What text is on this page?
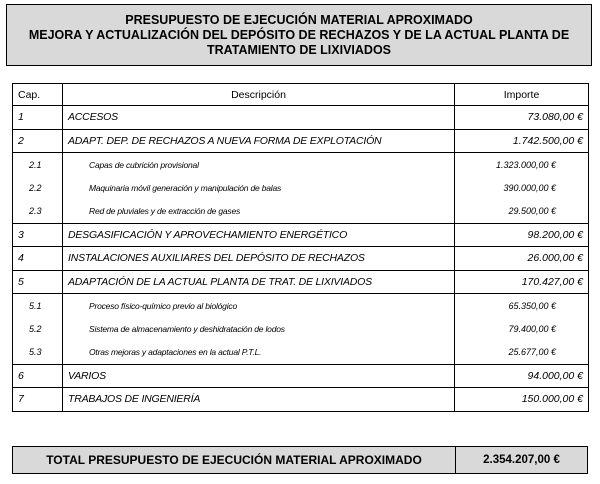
PRESUPUESTO DE EJECUCIÓN MATERIAL APROXIMADO
MEJORA Y ACTUALIZACIÓN DEL DEPÓSITO DE RECHAZOS Y DE LA ACTUAL PLANTA DE
TRATAMIENTO DE LIXIVIADOS
Cap.	Descripción	Importe
1	ACCESOS	73.080,00 €
2	ADAPT. DEP. DE RECHAZOS A NUEVA FORMA DE EXPLOTACIÓN	1.742.500,00 €
2.1	Capas de cubrición provisional	1.323.000,00 €
2.2	Maquinaria móvil generación y manipulación de balas	390.000,00 €
2.3	Red de pluviales y de extracción de gases	29.500,00 €
3	DESGASIFICACIÓN Y APROVECHAMIENTO ENERGÉTICO	98.200,00 €
4	INSTALACIONES AUXILIARES DEL DEPÓSITO DE RECHAZOS	26.000,00 €
5	ADAPTACIÓN DE LA ACTUAL PLANTA DE TRAT. DE LIXIVIADOS	170.427,00 €
5.1	Proceso físico-químico previo al biológico	65.350,00 €
5.2	Sistema de almacenamiento y deshidratación de lodos	79.400,00 €
5.3	Otras mejoras y adaptaciones en la actual P.T.L.	25.677,00 €
6	VARIOS	94.000,00 €
7	TRABAJOS DE INGENIERÍA	150.000,00 €
TOTAL PRESUPUESTO DE EJECUCIÓN MATERIAL APROXIMADO	2.354.207,00 €
